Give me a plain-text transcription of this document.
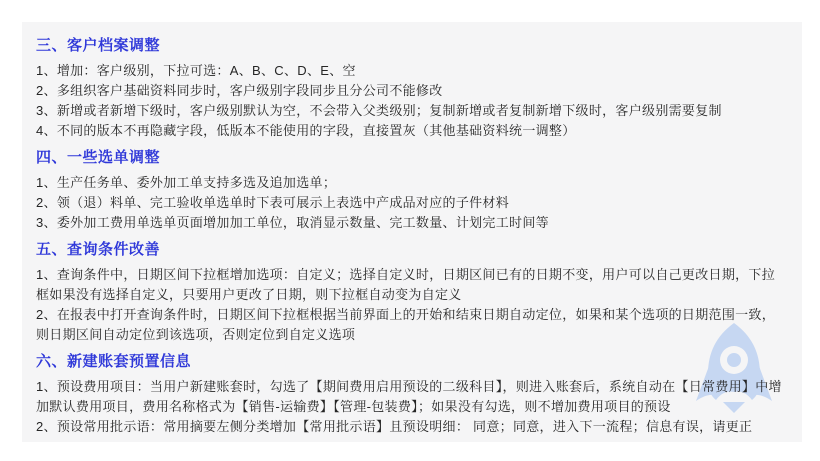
三、客户档案调整

1、增加：客户级别，下拉可选：A、B、C、D、E、空

2、多组织客户基础资料同步时，客户级别字段同步且分公司不能修改

3、新增或者新增下级时，客户级别默认为空，不会带入父类级别；复制新增或者复制新增下级时，客户级别需要复制

4、不同的版本不再隐藏字段，低版本不能使用的字段，直接置灰（其他基础资料统一调整）

四、一些选单调整

1、生产任务单、委外加工单支持多选及追加选单；

2、领（退）料单、完工验收单选单时下表可展示上表选中产成品对应的子件材料

3、委外加工费用单选单页面增加加工单位，取消显示数量、完工数量、计划完工时间等

五、查询条件改善

1、查询条件中，日期区间下拉框增加选项：自定义；选择自定义时，日期区间已有的日期不变，用户可以自己更改日期，下拉框如果没有选择自定义，只要用户更改了日期，则下拉框自动变为自定义

2、在报表中打开查询条件时，日期区间下拉框根据当前界面上的开始和结束日期自动定位，如果和某个选项的日期范围一致，则日期区间自动定位到该选项，否则定位到自定义选项

六、新建账套预置信息

1、预设费用项目：当用户新建账套时，勾选了【期间费用启用预设的二级科目】，则进入账套后，系统自动在【日常费用】中增加默认费用项目，费用名称格式为【销售-运输费】【管理-包装费】；如果没有勾选，则不增加费用项目的预设

2、预设常用批示语：常用摘要左侧分类增加【常用批示语】且预设明细： 同意；同意，进入下一流程；信息有误，请更正
